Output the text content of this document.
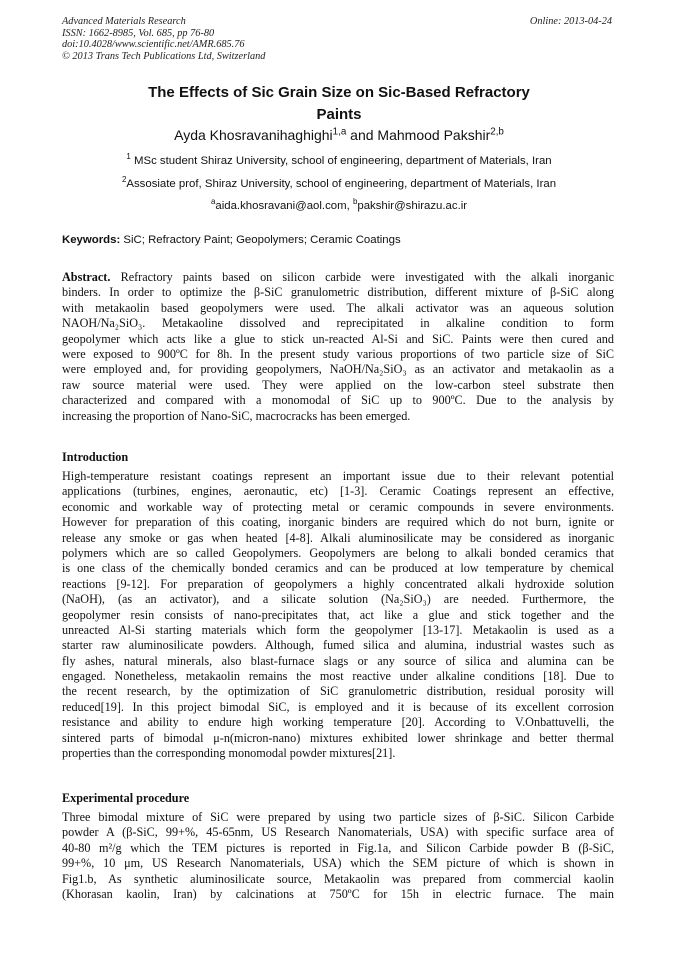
Advanced Materials Research
ISSN: 1662-8985, Vol. 685, pp 76-80
doi:10.4028/www.scientific.net/AMR.685.76
© 2013 Trans Tech Publications Ltd, Switzerland
Online: 2013-04-24
The Effects of Sic Grain Size on Sic-Based Refractory
Paints
Ayda Khosravanihaghighi$^{1,a}$ and Mahmood Pakshir$^{2,b}$
$^1$ MSc student Shiraz University, school of engineering, department of Materials, Iran
$^2$Assosiate prof, Shiraz University, school of engineering, department of Materials, Iran
$^a$aida.khosravani@aol.com, $^b$pakshir@shirazu.ac.ir
Keywords: SiC; Refractory Paint; Geopolymers; Ceramic Coatings
Abstract. Refractory paints based on silicon carbide were investigated with the alkali inorganic
binders. In order to optimize the β-SiC granulometric distribution, different mixture of β-SiC along
with metakaolin based geopolymers were used. The alkali activator was an aqueous solution
NAOH/Na₂SiO₃. Metakaoline dissolved and reprecipitated in alkaline condition to form
geopolymer which acts like a glue to stick un-reacted Al-Si and SiC. Paints were then cured and
were exposed to 900ºC for 8h. In the present study various proportions of two particle size of SiC
were employed and, for providing geopolymers, NaOH/Na₂SiO₃ as an activator and metakaolin as a
raw source material were used. They were applied on the low-carbon steel substrate then
characterized and compared with a monomodal of SiC up to 900ºC. Due to the analysis by
increasing the proportion of Nano-SiC, macrocracks has been emerged.
Introduction
High-temperature resistant coatings represent an important issue due to their relevant potential
applications (turbines, engines, aeronautic, etc) [1-3]. Ceramic Coatings represent an effective,
economic and workable way of protecting metal or ceramic compounds in severe environments.
However for preparation of this coating, inorganic binders are required which do not burn, ignite or
release any smoke or gas when heated [4-8]. Alkali aluminosilicate may be considered as inorganic
polymers which are so called Geopolymers. Geopolymers are belong to alkali bonded ceramics that
is one class of the chemically bonded ceramics and can be produced at low temperature by chemical
reactions [9-12]. For preparation of geopolymers a highly concentrated alkali hydroxide solution
(NaOH), (as an activator), and a silicate solution (Na₂SiO₃) are needed. Furthermore, the
geopolymer resin consists of nano-precipitates that, act like a glue and stick together and the
unreacted Al-Si starting materials which form the geopolymer [13-17]. Metakaolin is used as a
starter raw aluminosilicate powders. Although, fumed silica and alumina, industrial wastes such as
fly ashes, natural minerals, also blast-furnace slags or any source of silica and alumina can be
engaged. Nonetheless, metakaolin remains the most reactive under alkaline conditions [18]. Due to
the recent research, by the optimization of SiC granulometric distribution, residual porosity will
reduced[19]. In this project bimodal SiC, is employed and it is because of its excellent corrosion
resistance and ability to endure high working temperature [20]. According to V.Onbattuvelli, the
sintered parts of bimodal μ-n(micron-nano) mixtures exhibited lower shrinkage and better thermal
properties than the corresponding monomodal powder mixtures[21].
Experimental procedure
Three bimodal mixture of SiC were prepared by using two particle sizes of β-SiC. Silicon Carbide
powder A (β-SiC, 99+%, 45-65nm, US Research Nanomaterials, USA) with specific surface area of
40-80 m²/g which the TEM pictures is reported in Fig.1a, and Silicon Carbide powder B (β-SiC,
99+%, 10 μm, US Research Nanomaterials, USA) which the SEM picture of which is shown in
Fig1.b, As synthetic aluminosilicate source, Metakaolin was prepared from commercial kaolin
(Khorasan kaolin, Iran) by calcinations at 750ºC for 15h in electric furnace. The main
